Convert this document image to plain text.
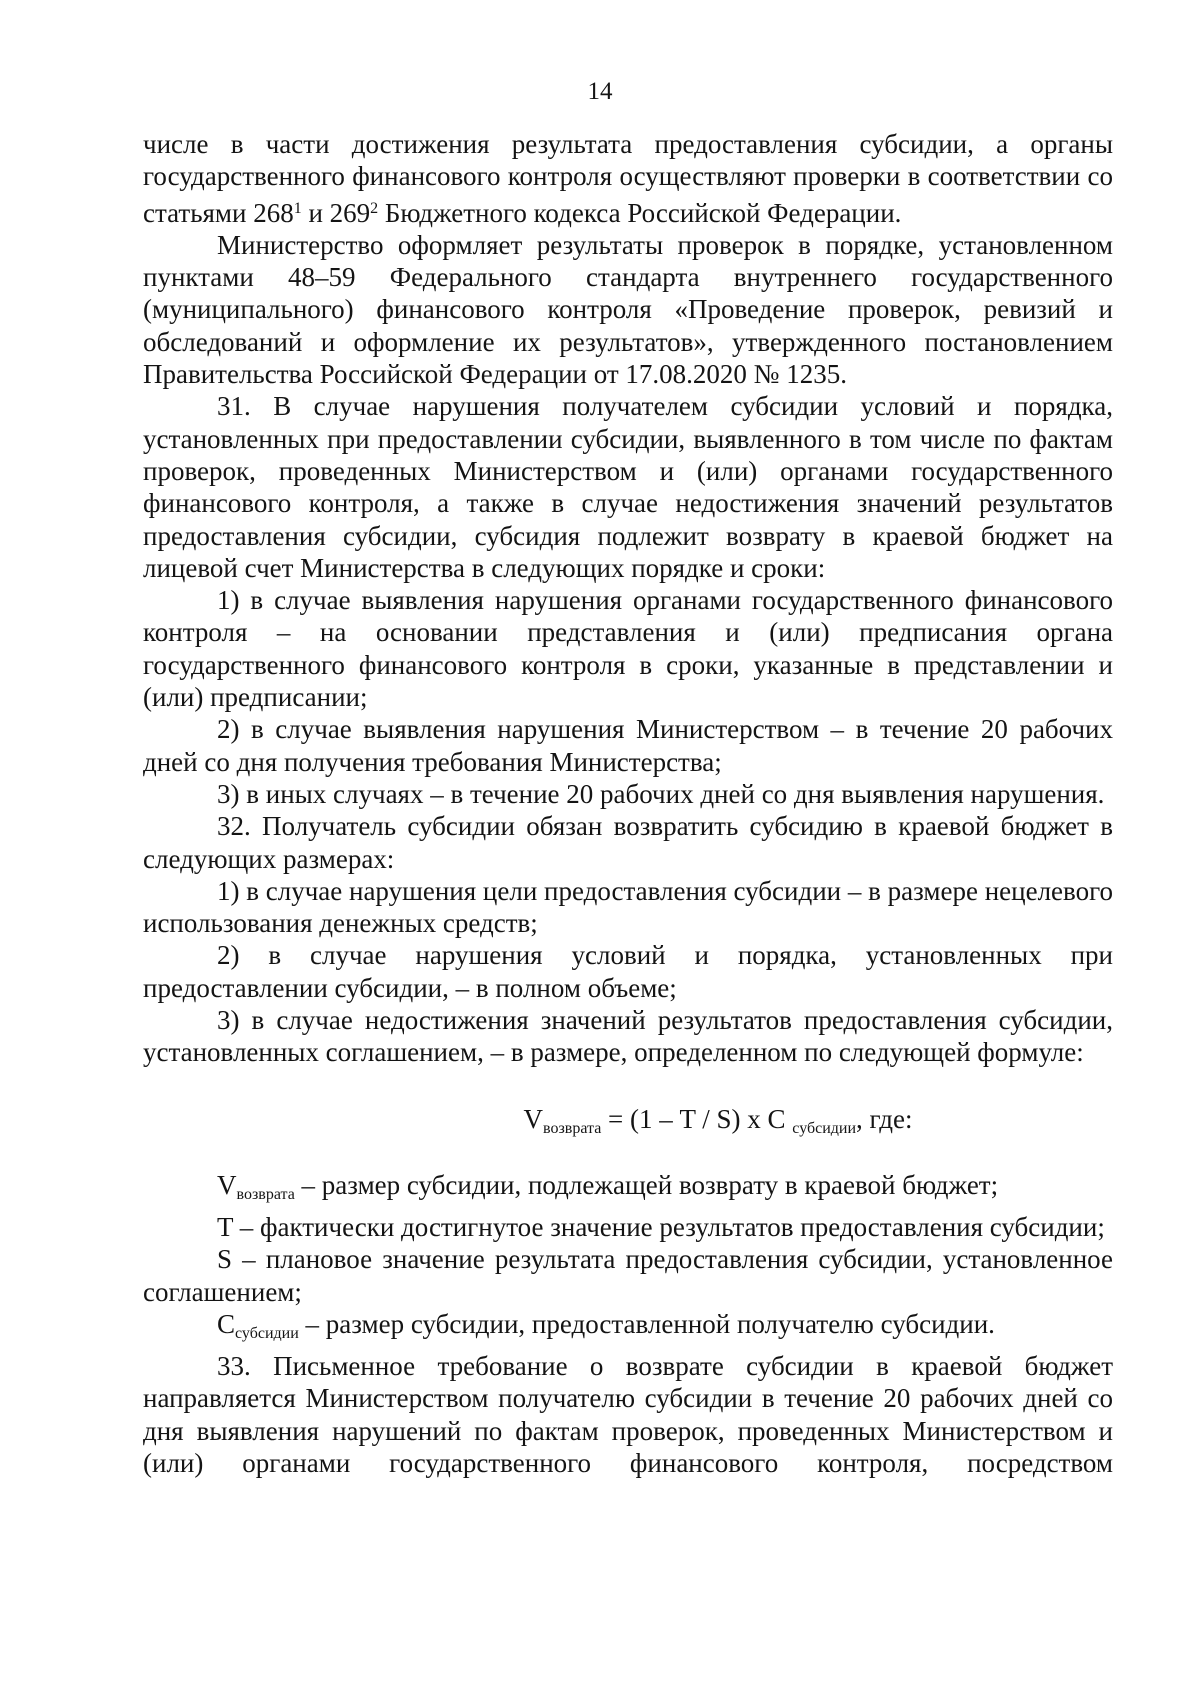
14

числе в части достижения результата предоставления субсидии, а органы государственного финансового контроля осуществляют проверки в соответствии со статьями $268^1$ и $269^2$ Бюджетного кодекса Российской Федерации.

Министерство оформляет результаты проверок в порядке, установленном пунктами 48–59 Федерального стандарта внутреннего государственного (муниципального) финансового контроля «Проведение проверок, ревизий и обследований и оформление их результатов», утвержденного постановлением Правительства Российской Федерации от 17.08.2020 № 1235.

31. В случае нарушения получателем субсидии условий и порядка, установленных при предоставлении субсидии, выявленного в том числе по фактам проверок, проведенных Министерством и (или) органами государственного финансового контроля, а также в случае недостижения значений результатов предоставления субсидии, субсидия подлежит возврату в краевой бюджет на лицевой счет Министерства в следующих порядке и сроки:

1) в случае выявления нарушения органами государственного финансового контроля – на основании представления и (или) предписания органа государственного финансового контроля в сроки, указанные в представлении и (или) предписании;

2) в случае выявления нарушения Министерством – в течение 20 рабочих дней со дня получения требования Министерства;

3) в иных случаях – в течение 20 рабочих дней со дня выявления нарушения.

32. Получатель субсидии обязан возвратить субсидию в краевой бюджет в следующих размерах:

1) в случае нарушения цели предоставления субсидии – в размере нецелевого использования денежных средств;

2) в случае нарушения условий и порядка, установленных при предоставлении субсидии, – в полном объеме;

3) в случае недостижения значений результатов предоставления субсидии, установленных соглашением, – в размере, определенном по следующей формуле:

$V_{возврата} = (1 - T / S)$ x C $_{субсидии}$, где:

$V_{возврата}$ – размер субсидии, подлежащей возврату в краевой бюджет;

T – фактически достигнутое значение результатов предоставления субсидии;

S – плановое значение результата предоставления субсидии, установленное соглашением;

$C_{субсидии}$ – размер субсидии, предоставленной получателю субсидии.

33. Письменное требование о возврате субсидии в краевой бюджет направляется Министерством получателю субсидии в течение 20 рабочих дней со дня выявления нарушений по фактам проверок, проведенных Министерством и (или) органами государственного финансового контроля, посредством
